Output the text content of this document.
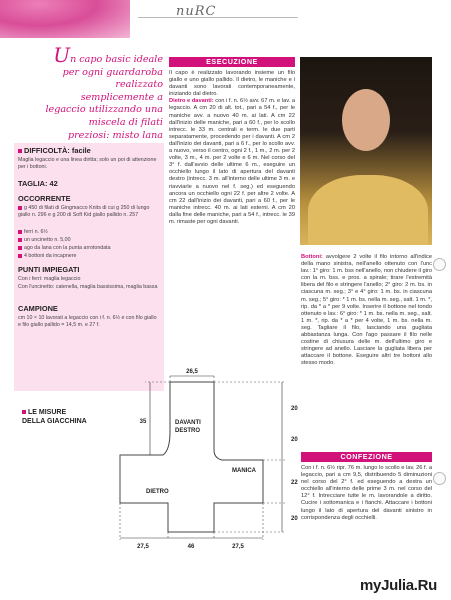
nuRC
Un capo basic ideale per ogni guardaroba realizzato semplicemente a legaccio utilizzando una miscela di filati preziosi: misto lana
DIFFICOLTÀ: facile
Maglia legaccio e una linea diritta; solo un poi di attenzione per i bottoni.
TAGLIA: 42
OCCORRENTE
g 450 di filati di Gingmacco Knits di cui g 250 di lungo giallo n. 296 e g 200 di Soft Kid giallo pallido n. 257
ferri n. 6½
un uncinetto n. 5,00
ago da lana con la punta arrotondata
4 bottoni da incapnere
PUNTI IMPIEGATI
Con i ferri: maglia legaccio
Con l'uncinetto: catenella, maglia bassissima, maglia bassa
CAMPIONE
cm 10 × 10 lavorati a legaccio con i f. n. 6½ e con filo giallo e filo giallo pallido = 14,5 m. e 27 f.
ESECUZIONE
Il capo è realizzato lavorando insieme un filo giallo e uno giallo pallido. Il dietro, le maniche e i davanti sono lavorati contemporaneamente, iniziando dal dietro.
Dietro e davanti: con i f. n. 6½ avv. 67 m. e lav. a legaccio. A cm 20 di alt. tot., pari a 54 f., per le maniche avv. a nuovo 40 m. ai lati. A cm 22 dall'inizio delle maniche, pari a 60 f., per lo scollo intrecc. le 33 m. centrali e term. le due parti separatamente, procedendo per i davanti. A cm 2 dall'inizio dei davanti, pari a 6 f., per lo scollo avv. a nuovo, verso il centro, ogni 2 f., 1 m., 2 m. per 2 volte, 3 m., 4 m. per 2 volte e 6 m. Nel corso del 3° f. dall'avvio delle ultime 6 m., eseguire un occhiello lungo il lato di apertura del davanti destro (intrecc. 3 m. all'interno delle ultime 3 m. e riavviarle a nuovo nel f. seg.) ed eseguendo ancora un occhiello ogni 22 f. per altre 2 volte. A cm 22 dall'inizio dei davanti, pari a 60 f., per le maniche intrecc. 40 m. ai lati esterni. A cm 20 dalla fine delle maniche, pari a 54 f., intrecc. le 39 m. rimaste per ogni davanti.
Bottoni: avvolgere 2 volte il filo intorno all'indice della mano sinistra, nell'anello ottenuto con l'unc lav.: 1° giro: 1 m. bss nell'anello, non chiudere il giro con la m. bss. e pros. a spirale; tirare l'estremità libera del filo e stringere l'anello; 2° giro: 2 m. bs. in ciascuna m. seg.; 3° e 4° giro: 1 m. bs. in ciascuna m. seg.; 5° giro: * 1 m. bs. nella m. seg., salt. 1 m. *, rip. da * a * per 9 volte. Inserire il bottone nel tondo ottenuto e lav.: 6° giro: * 1 m. bs. nella m. seg., salt. 1 m. *, rip. da * a * per 4 volte, 1 m. bs. nella m. seg. Tagliare il filo, lasciando una gugliata abbastanza lunga. Con l'ago passare il filo nelle costine di chiusura delle m. dell'ultimo giro e stringere ad anello. Lasciare la gugliata libera per attaccare il bottone. Eseguire altri tre bottoni allo stesso modo.
CONFEZIONE
Con i f. n. 6½ ripr. 76 m. lungo lo scollo e lav. 26 f. a legaccio, pari a cm 9,5, distribuendo 5 diminuzioni nel corso del 2° f. ed eseguendo a destra un occhiello all'interno delle prime 3 m. nel corso del 12° f. Intrecciare tutte le m. lavorandole a diritto. Cucire i sottomanica e i fianchi. Attaccare i bottoni lungo il lato di apertura del davanti sinistro in corrispondenza degli occhielli.
LE MISURE
DELLA GIACCHINA
26,5
35
20
20
22
20
27,5	46	27,5
DAVANTI
DESTRO
DIETRO
MANICA
myJulia.Ru
